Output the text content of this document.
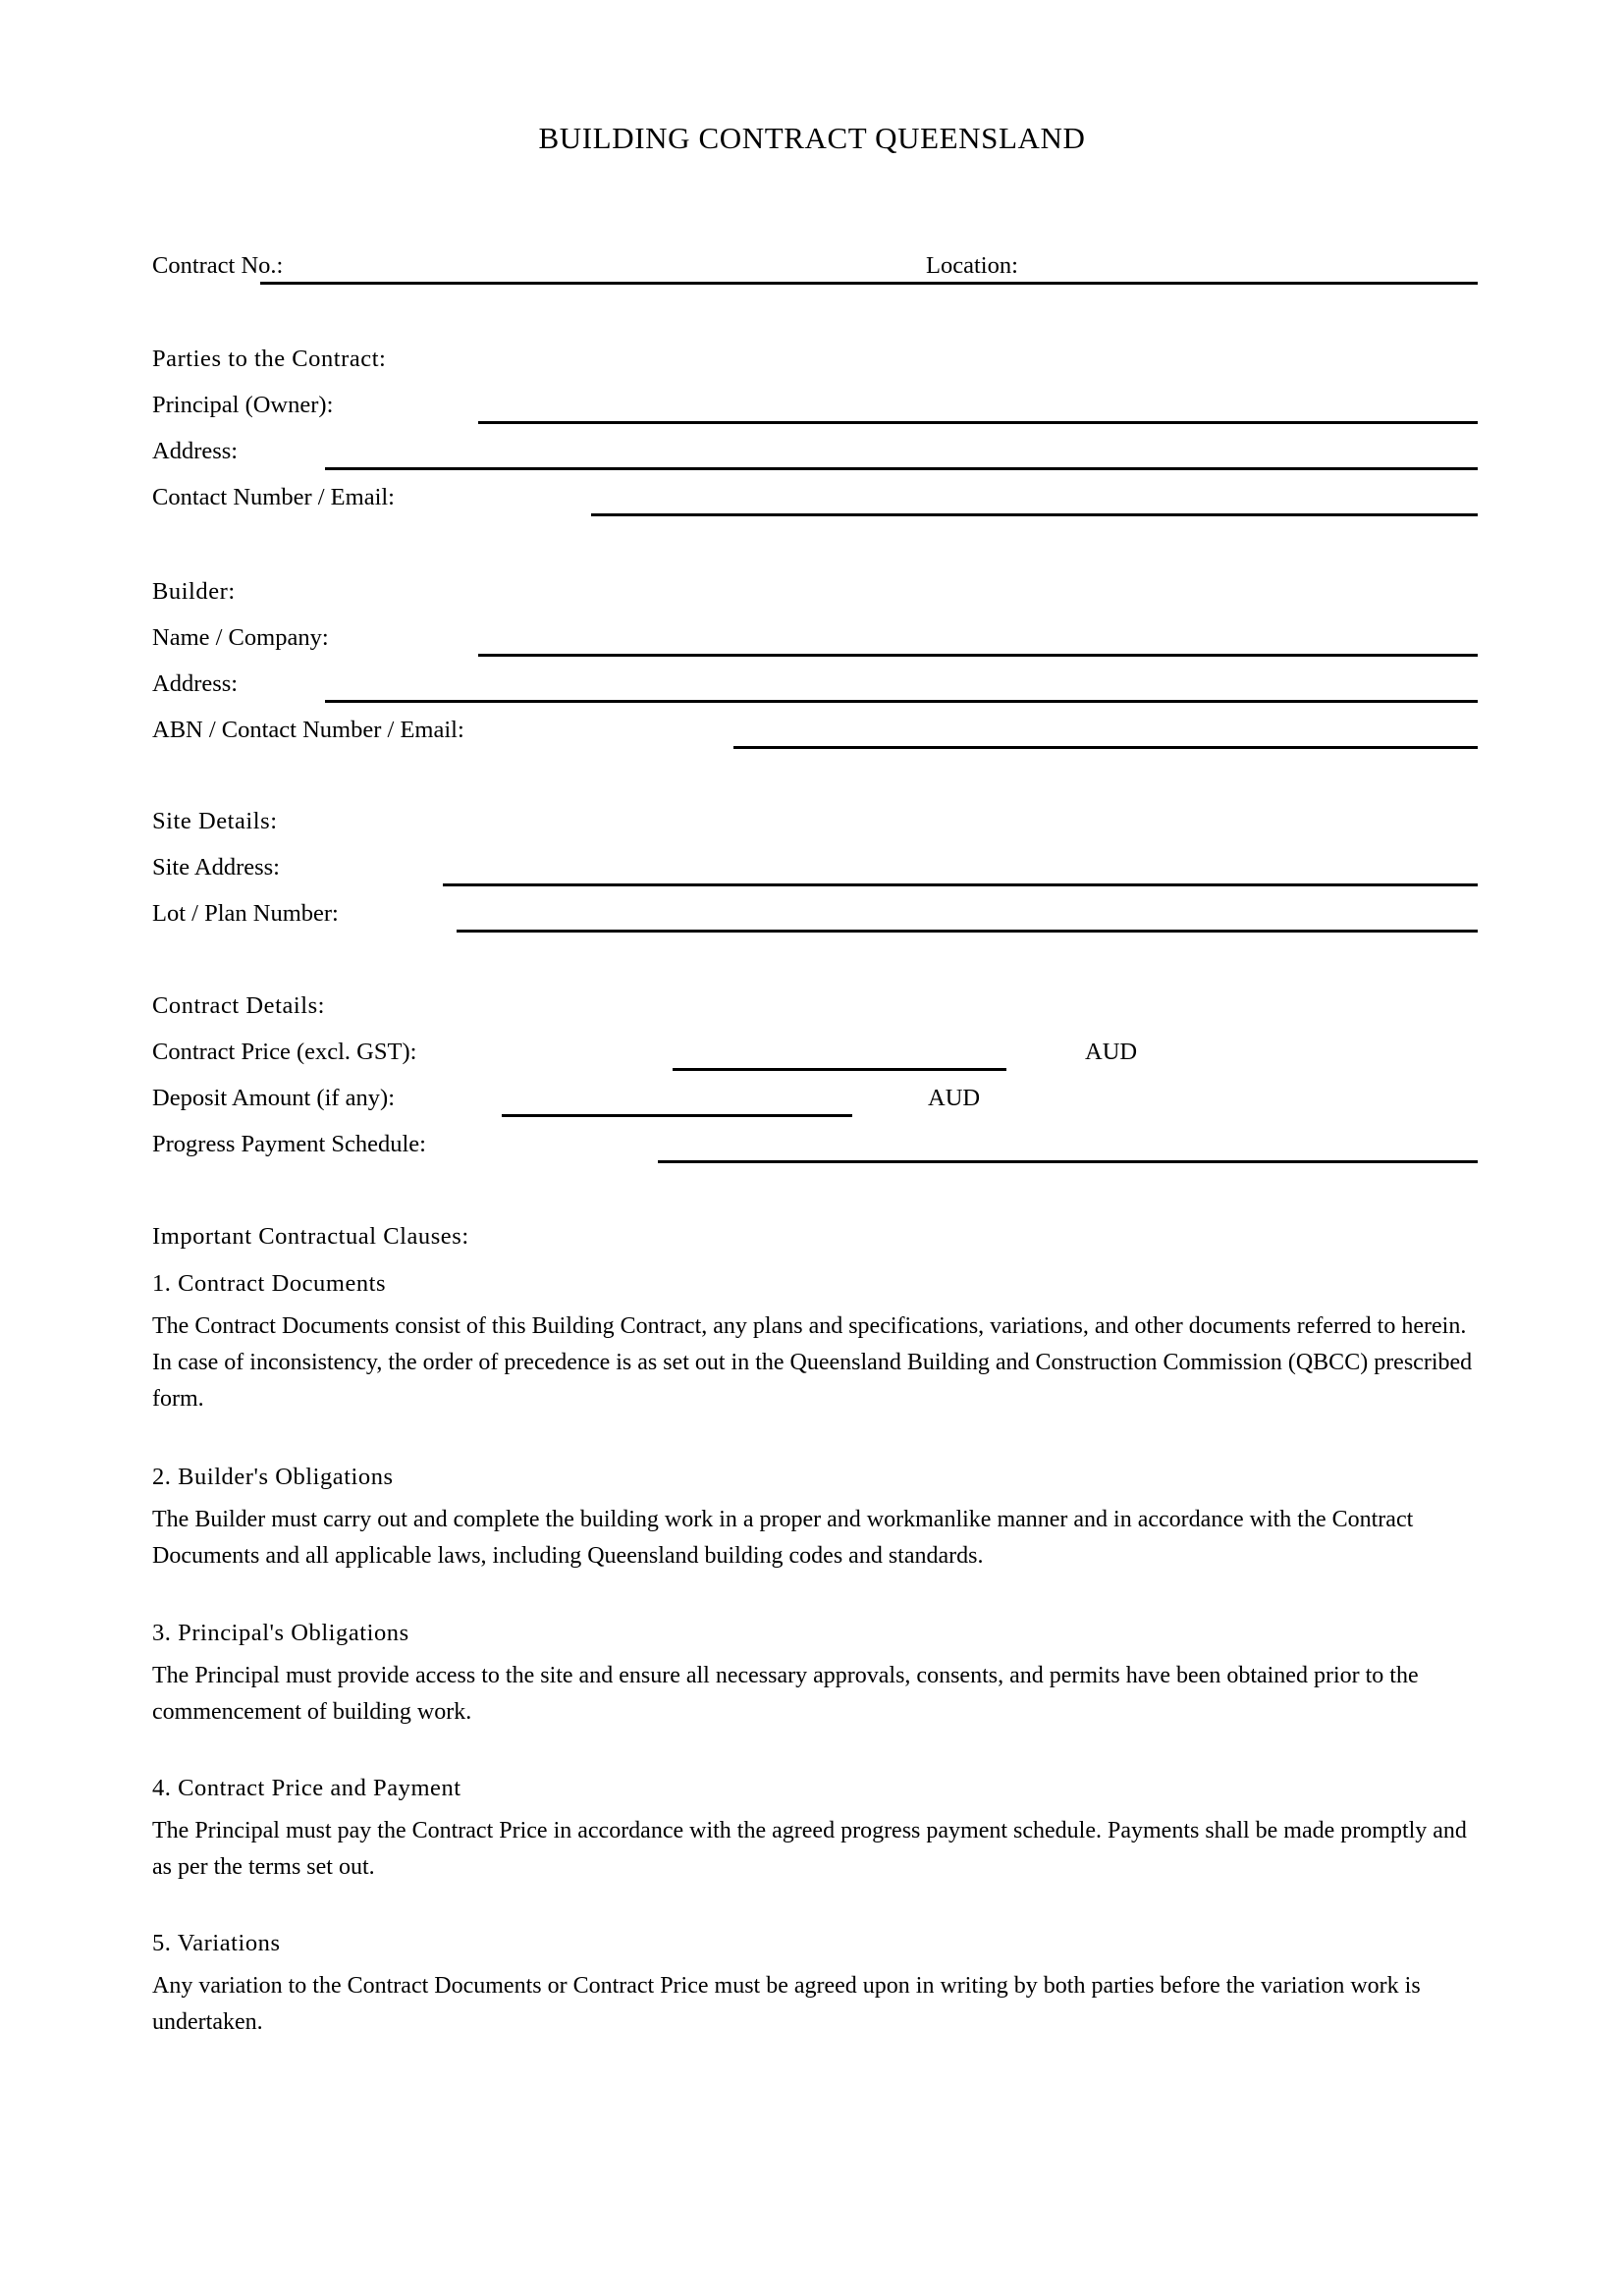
BUILDING CONTRACT QUEENSLAND
Contract No.:	Location:
Parties to the Contract:
Principal (Owner):
Address:
Contact Number / Email:
Builder:
Name / Company:
Address:
ABN / Contact Number / Email:
Site Details:
Site Address:
Lot / Plan Number:
Contract Details:
Contract Price (excl. GST):	AUD
Deposit Amount (if any):	AUD
Progress Payment Schedule:
Important Contractual Clauses:
1. Contract Documents
The Contract Documents consist of this Building Contract, any plans and specifications, variations, and other documents referred to herein. In case of inconsistency, the order of precedence is as set out in the Queensland Building and Construction Commission (QBCC) prescribed form.
2. Builder's Obligations
The Builder must carry out and complete the building work in a proper and workmanlike manner and in accordance with the Contract Documents and all applicable laws, including Queensland building codes and standards.
3. Principal's Obligations
The Principal must provide access to the site and ensure all necessary approvals, consents, and permits have been obtained prior to the commencement of building work.
4. Contract Price and Payment
The Principal must pay the Contract Price in accordance with the agreed progress payment schedule. Payments shall be made promptly and as per the terms set out.
5. Variations
Any variation to the Contract Documents or Contract Price must be agreed upon in writing by both parties before the variation work is undertaken.
